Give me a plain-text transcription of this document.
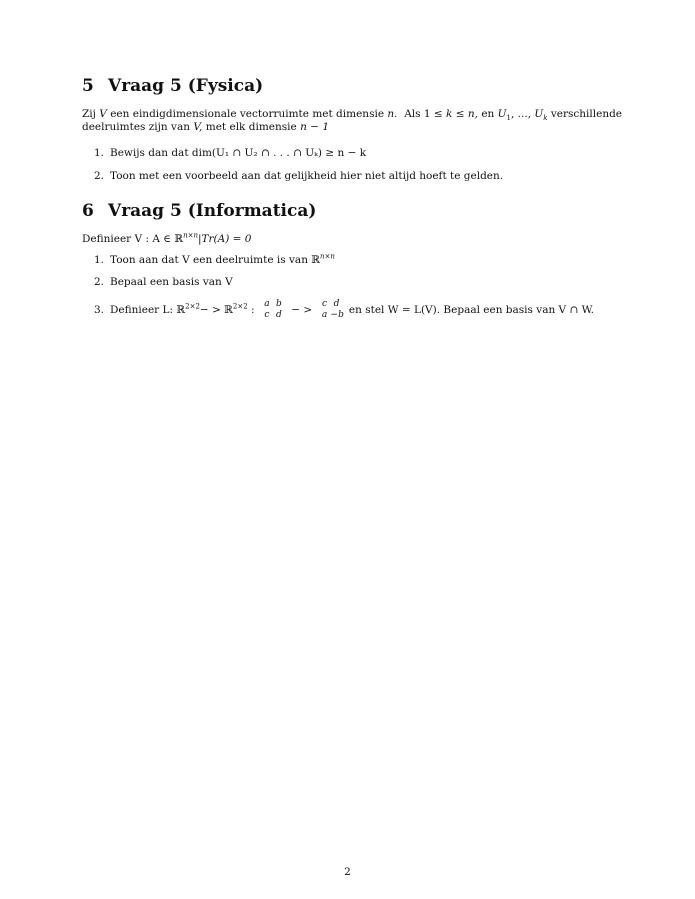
5 Vraag 5 (Fysica)
Zij V een eindigdimensionale vectorruimte met dimensie n. Als 1 ≤ k ≤ n, en $U_1$, ..., $U_k$ verschillende
deelruimtes zijn van V, met elk dimensie n − 1
1. Bewijs dan dat dim(U₁ ∩ U₂ ∩ . . . ∩ Uₖ) ≥ n − k
2. Toon met een voorbeeld aan dat gelijkheid hier niet altijd hoeft te gelden.
6 Vraag 5 (Informatica)
Definieer V : A ∈ ℝ$^{n\times n}$|Tr(A) = 0
1. Toon aan dat V een deelruimte is van ℝ$^{n\times n}$
2. Bepaal een basis van V
3. Definieer L: ℝ$^{2\times 2}$− > ℝ$^{2\times 2}$ : a b
c d − > c d
a −b en stel W = L(V). Bepaal een basis van V ∩ W.
2
